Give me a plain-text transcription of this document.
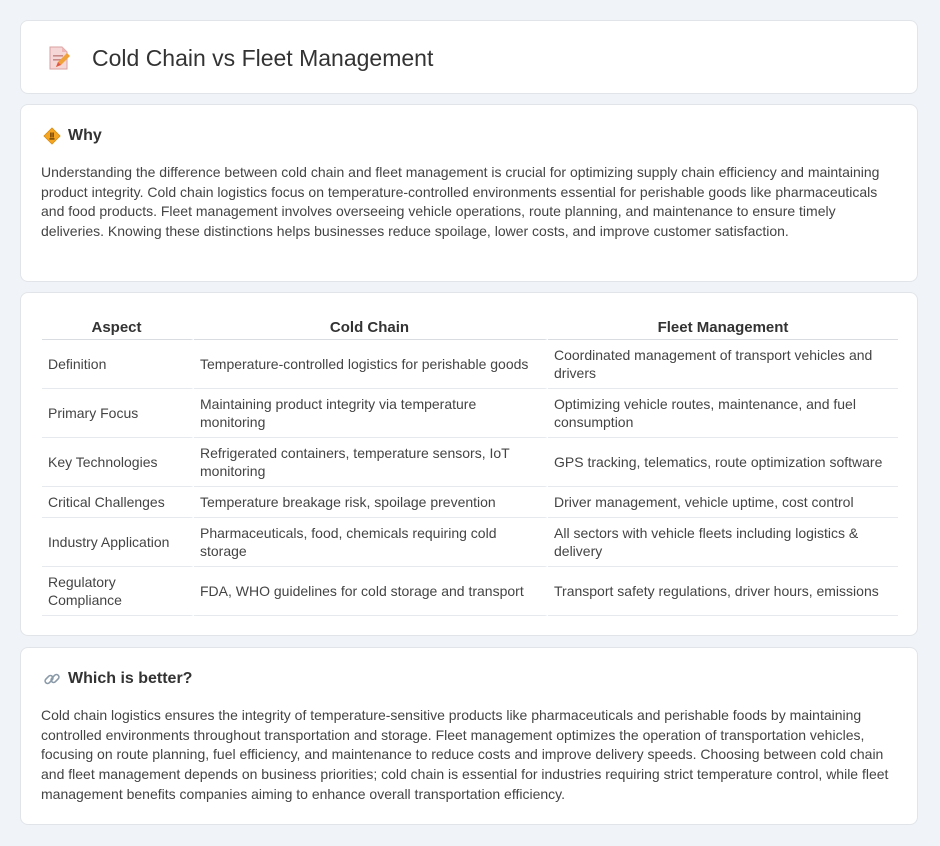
Cold Chain vs Fleet Management
Why

Understanding the difference between cold chain and fleet management is crucial for optimizing supply chain efficiency and maintaining product integrity. Cold chain logistics focus on temperature-controlled environments essential for perishable goods like pharmaceuticals and food products. Fleet management involves overseeing vehicle operations, route planning, and maintenance to ensure timely deliveries. Knowing these distinctions helps businesses reduce spoilage, lower costs, and improve customer satisfaction.

Aspect	Cold Chain	Fleet Management
Definition	Temperature-controlled logistics for perishable goods	Coordinated management of transport vehicles and drivers
Primary Focus	Maintaining product integrity via temperature monitoring	Optimizing vehicle routes, maintenance, and fuel consumption
Key Technologies	Refrigerated containers, temperature sensors, IoT monitoring	GPS tracking, telematics, route optimization software
Critical Challenges	Temperature breakage risk, spoilage prevention	Driver management, vehicle uptime, cost control
Industry Application	Pharmaceuticals, food, chemicals requiring cold storage	All sectors with vehicle fleets including logistics & delivery
Regulatory Compliance	FDA, WHO guidelines for cold storage and transport	Transport safety regulations, driver hours, emissions
Which is better?

Cold chain logistics ensures the integrity of temperature-sensitive products like pharmaceuticals and perishable foods by maintaining controlled environments throughout transportation and storage. Fleet management optimizes the operation of transportation vehicles, focusing on route planning, fuel efficiency, and maintenance to reduce costs and improve delivery speeds. Choosing between cold chain and fleet management depends on business priorities; cold chain is essential for industries requiring strict temperature control, while fleet management benefits companies aiming to enhance overall transportation efficiency.
